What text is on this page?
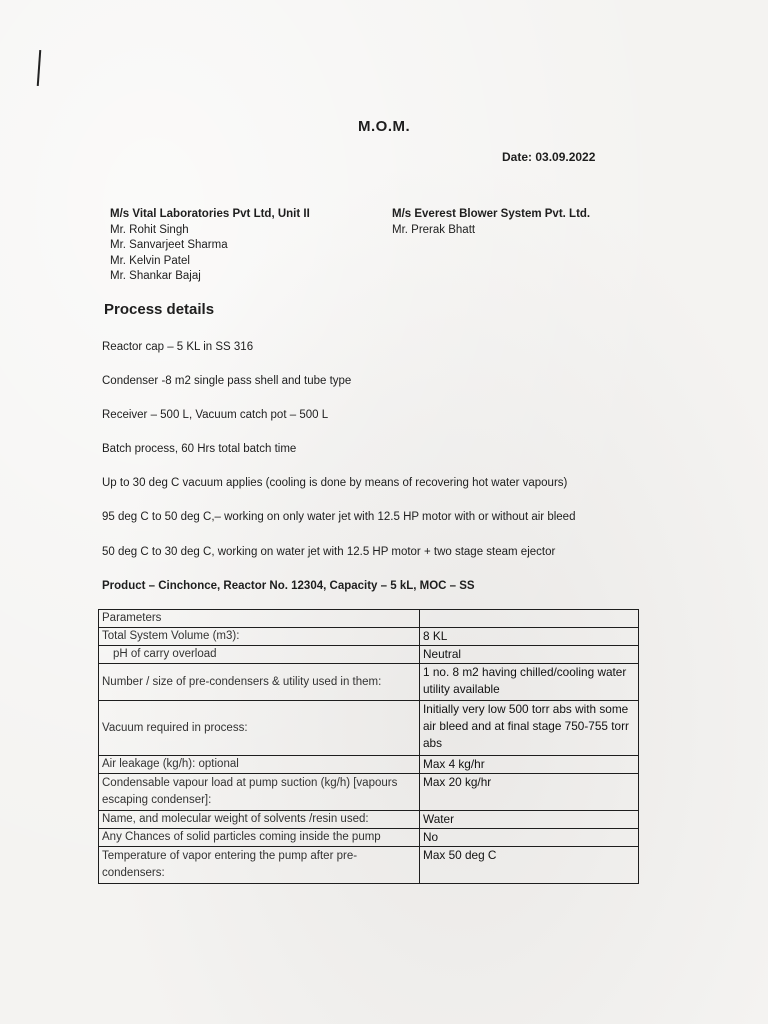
M.O.M.
Date: 03.09.2022
M/s Vital Laboratories Pvt Ltd, Unit II
Mr. Rohit Singh
Mr. Sanvarjeet Sharma
Mr. Kelvin Patel
Mr. Shankar Bajaj
M/s Everest Blower System Pvt. Ltd.
Mr. Prerak Bhatt
Process details
Reactor cap – 5 KL in SS 316
Condenser -8 m2 single pass shell and tube type
Receiver – 500 L, Vacuum catch pot – 500 L
Batch process, 60 Hrs total batch time
Up to 30 deg C vacuum applies (cooling is done by means of recovering hot water vapours)
95 deg C to 50 deg C,– working on only water jet with 12.5 HP motor with or without air bleed
50 deg C to 30 deg C, working on water jet with 12.5 HP motor + two stage steam ejector
Product – Cinchonce, Reactor No. 12304, Capacity – 5 kL, MOC – SS
Parameters	
Total System Volume (m3):	8 KL
pH of carry overload	Neutral
Number / size of pre-condensers & utility used in them:	1 no. 8 m2 having chilled/cooling water utility available
Vacuum required in process:	Initially very low 500 torr abs with some air bleed and at final stage 750-755 torr abs
Air leakage (kg/h): optional	Max 4 kg/hr
Condensable vapour load at pump suction (kg/h) [vapours escaping condenser]:	Max 20 kg/hr
Name, and molecular weight of solvents /resin used:	Water
Any Chances of solid particles coming inside the pump	No
Temperature of vapor entering the pump after pre-condensers:	Max 50 deg C
